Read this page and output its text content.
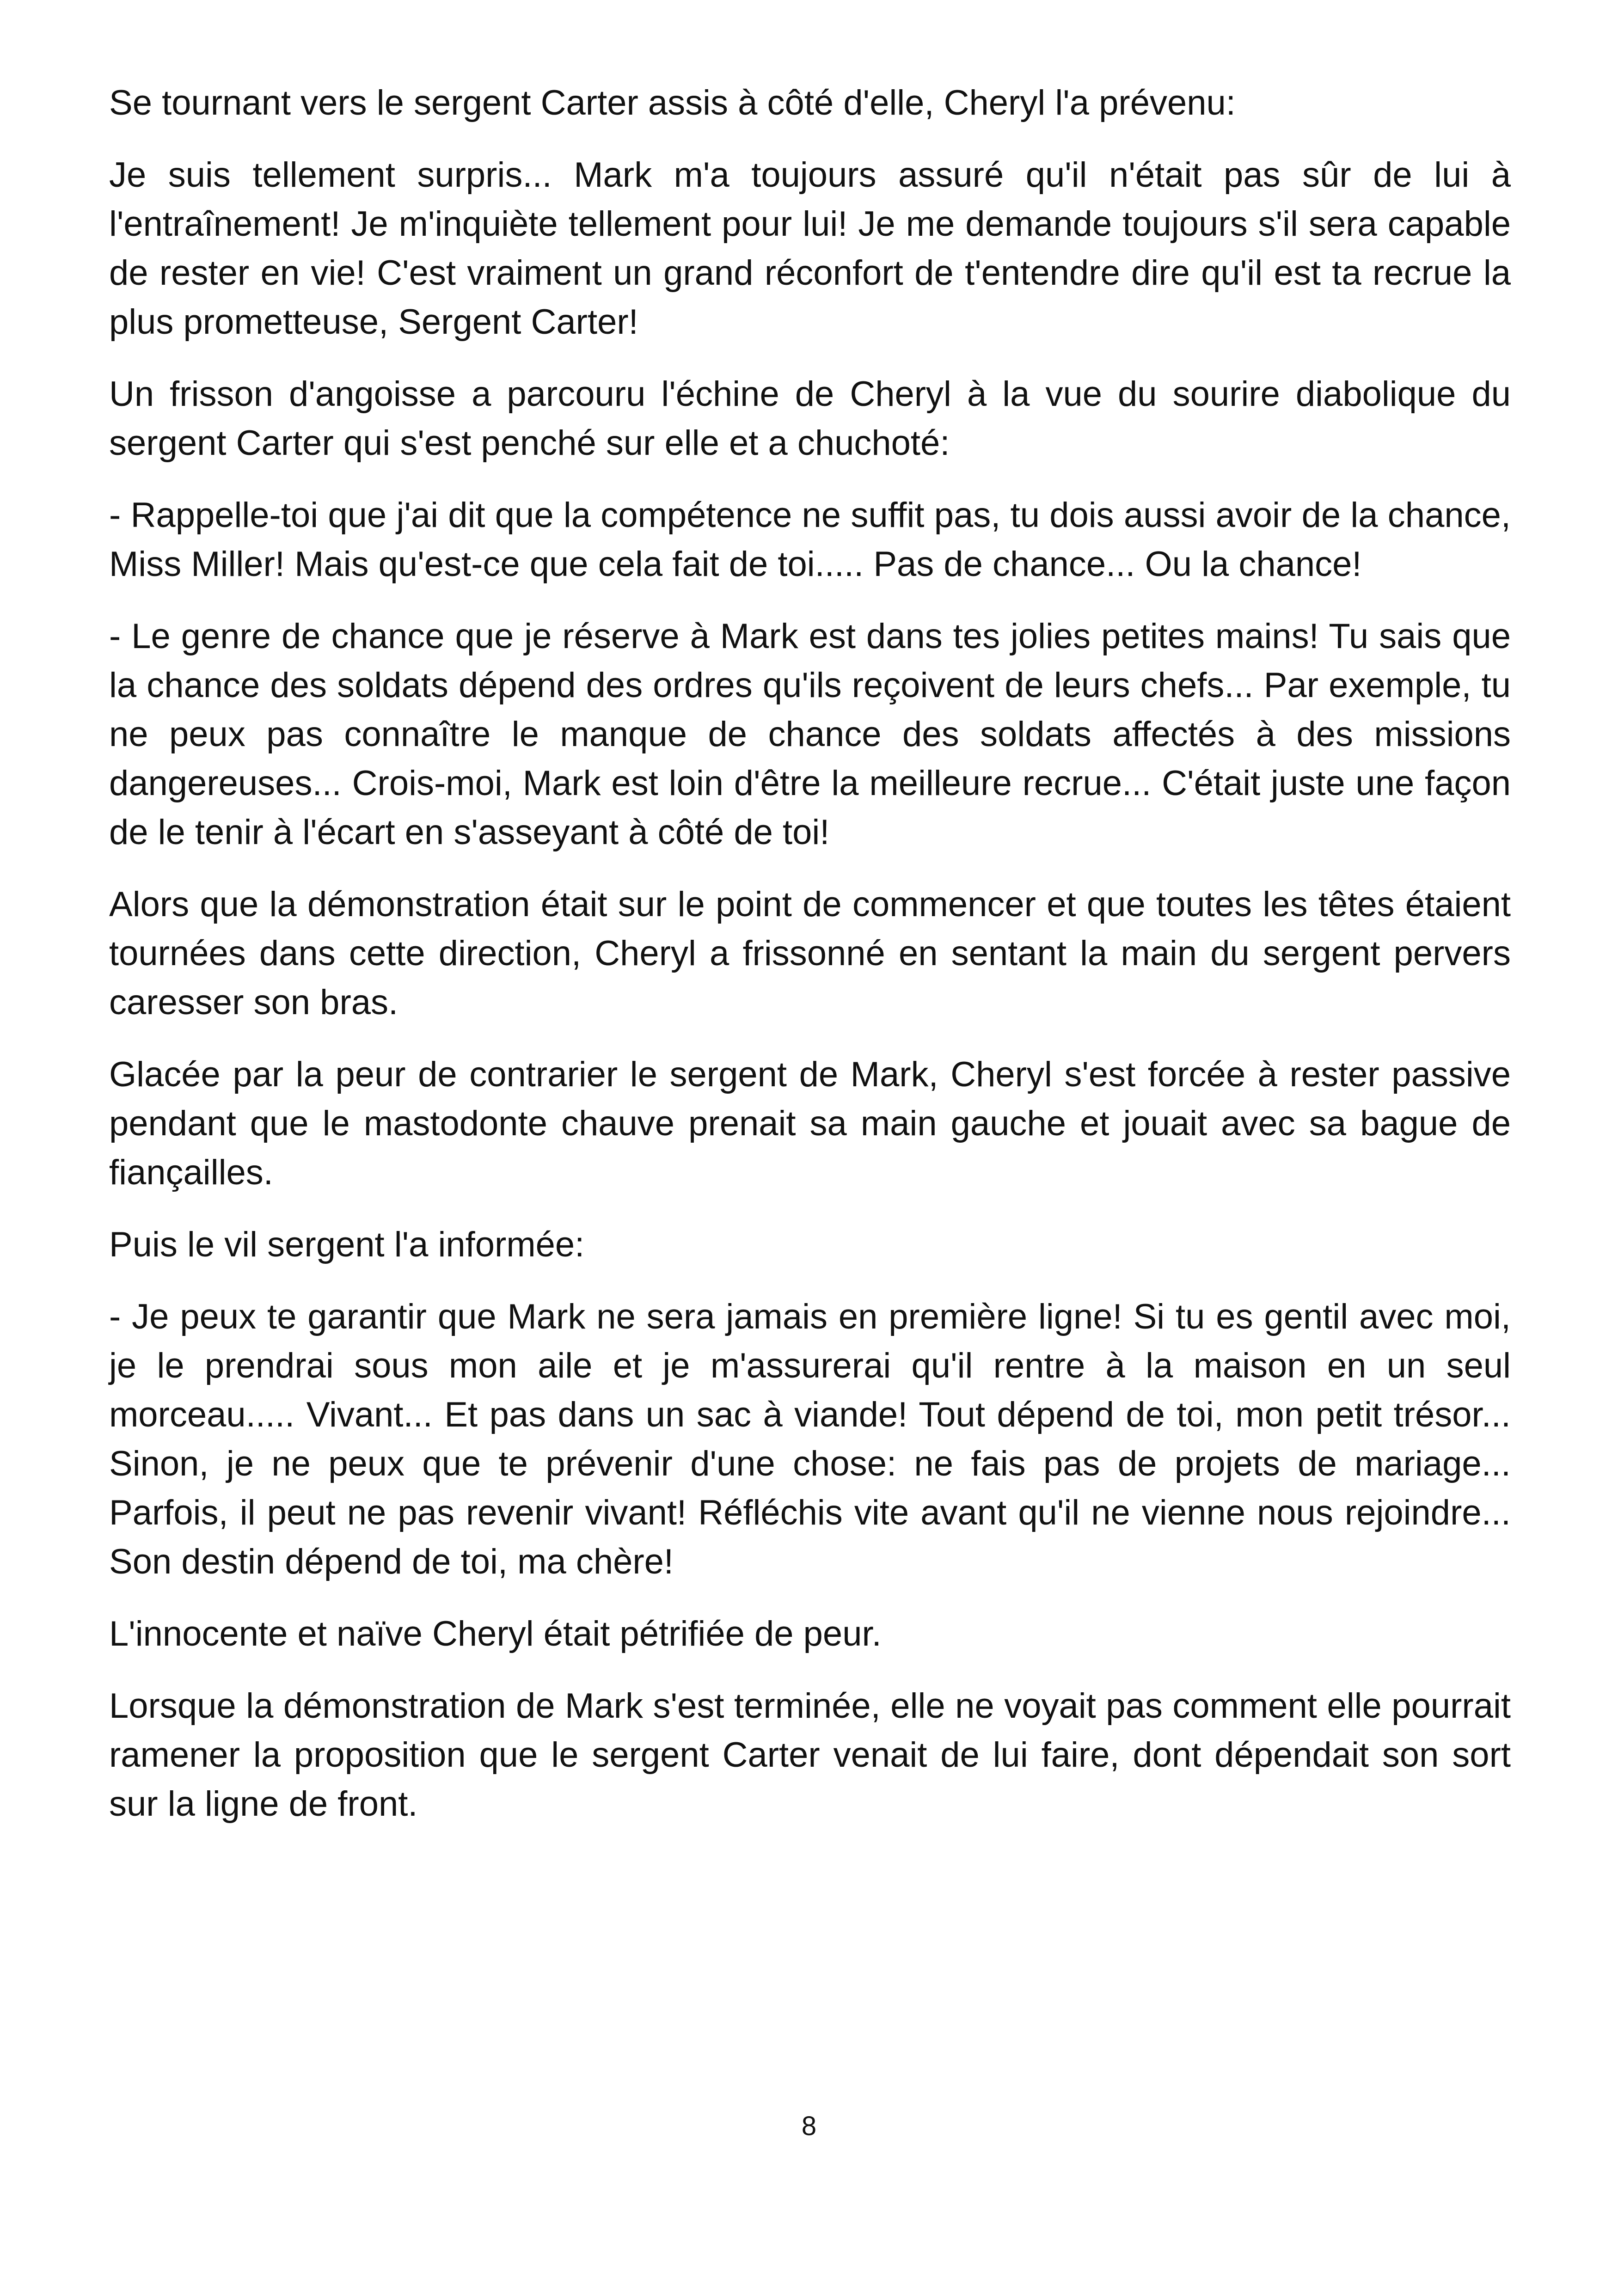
Se tournant vers le sergent Carter assis à côté d'elle, Cheryl l'a prévenu:

Je suis tellement surpris... Mark m'a toujours assuré qu'il n'était pas sûr de lui à l'entraînement! Je m'inquiète tellement pour lui! Je me demande toujours s'il sera capable de rester en vie! C'est vraiment un grand réconfort de t'entendre dire qu'il est ta recrue la plus prometteuse, Sergent Carter!

Un frisson d'angoisse a parcouru l'échine de Cheryl à la vue du sourire diabolique du sergent Carter qui s'est penché sur elle et a chuchoté:

- Rappelle-toi que j'ai dit que la compétence ne suffit pas, tu dois aussi avoir de la chance, Miss Miller! Mais qu'est-ce que cela fait de toi..... Pas de chance... Ou la chance!

- Le genre de chance que je réserve à Mark est dans tes jolies petites mains! Tu sais que la chance des soldats dépend des ordres qu'ils reçoivent de leurs chefs... Par exemple, tu ne peux pas connaître le manque de chance des soldats affectés à des missions dangereuses... Crois-moi, Mark est loin d'être la meilleure recrue... C'était juste une façon de le tenir à l'écart en s'asseyant à côté de toi!

Alors que la démonstration était sur le point de commencer et que toutes les têtes étaient tournées dans cette direction, Cheryl a frissonné en sentant la main du sergent pervers caresser son bras.

Glacée par la peur de contrarier le sergent de Mark, Cheryl s'est forcée à rester passive pendant que le mastodonte chauve prenait sa main gauche et jouait avec sa bague de fiançailles.

Puis le vil sergent l'a informée:

- Je peux te garantir que Mark ne sera jamais en première ligne! Si tu es gentil avec moi, je le prendrai sous mon aile et je m'assurerai qu'il rentre à la maison en un seul morceau..... Vivant... Et pas dans un sac à viande! Tout dépend de toi, mon petit trésor... Sinon, je ne peux que te prévenir d'une chose: ne fais pas de projets de mariage... Parfois, il peut ne pas revenir vivant! Réfléchis vite avant qu'il ne vienne nous rejoindre... Son destin dépend de toi, ma chère!

L'innocente et naïve Cheryl était pétrifiée de peur.

Lorsque la démonstration de Mark s'est terminée, elle ne voyait pas comment elle pourrait ramener la proposition que le sergent Carter venait de lui faire, dont dépendait son sort sur la ligne de front.

8
